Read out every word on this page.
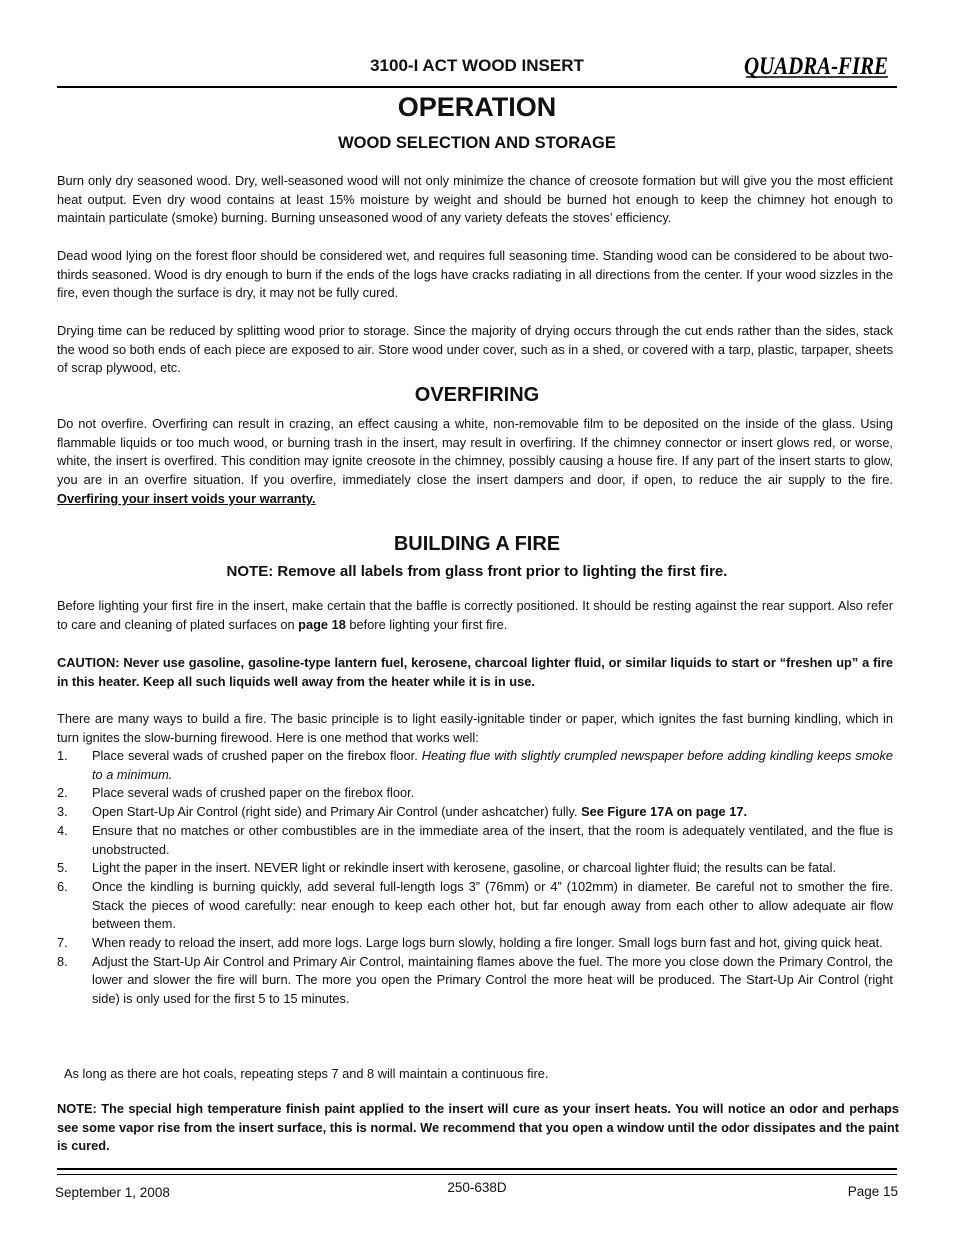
3100-I ACT WOOD INSERT	QUADRA-FIRE
OPERATION
WOOD SELECTION AND STORAGE
Burn only dry seasoned wood. Dry, well-seasoned wood will not only minimize the chance of creosote formation but will give you the most efficient heat output. Even dry wood contains at least 15% moisture by weight and should be burned hot enough to keep the chimney hot enough to maintain particulate (smoke) burning. Burning unseasoned wood of any variety defeats the stoves’ efficiency.
Dead wood lying on the forest floor should be considered wet, and requires full seasoning time. Standing wood can be considered to be about two-thirds seasoned. Wood is dry enough to burn if the ends of the logs have cracks radiating in all directions from the center. If your wood sizzles in the fire, even though the surface is dry, it may not be fully cured.
Drying time can be reduced by splitting wood prior to storage. Since the majority of drying occurs through the cut ends rather than the sides, stack the wood so both ends of each piece are exposed to air. Store wood under cover, such as in a shed, or covered with a tarp, plastic, tarpaper, sheets of scrap plywood, etc.
OVERFIRING
Do not overfire. Overfiring can result in crazing, an effect causing a white, non-removable film to be deposited on the inside of the glass. Using flammable liquids or too much wood, or burning trash in the insert, may result in overfiring. If the chimney connector or insert glows red, or worse, white, the insert is overfired. This condition may ignite creosote in the chimney, possibly causing a house fire. If any part of the insert starts to glow, you are in an overfire situation. If you overfire, immediately close the insert dampers and door, if open, to reduce the air supply to the fire. Overfiring your insert voids your warranty.
BUILDING A FIRE
NOTE: Remove all labels from glass front prior to lighting the first fire.
Before lighting your first fire in the insert, make certain that the baffle is correctly positioned. It should be resting against the rear support. Also refer to care and cleaning of plated surfaces on page 18 before lighting your first fire.
CAUTION: Never use gasoline, gasoline-type lantern fuel, kerosene, charcoal lighter fluid, or similar liquids to start or “freshen up” a fire in this heater. Keep all such liquids well away from the heater while it is in use.
There are many ways to build a fire. The basic principle is to light easily-ignitable tinder or paper, which ignites the fast burning kindling, which in turn ignites the slow-burning firewood. Here is one method that works well:
1. Place several wads of crushed paper on the firebox floor. Heating flue with slightly crumpled newspaper before adding kindling keeps smoke to a minimum.
2. Place several wads of crushed paper on the firebox floor.
3. Open Start-Up Air Control (right side) and Primary Air Control (under ashcatcher) fully. See Figure 17A on page 17.
4. Ensure that no matches or other combustibles are in the immediate area of the insert, that the room is adequately ventilated, and the flue is unobstructed.
5. Light the paper in the insert. NEVER light or rekindle insert with kerosene, gasoline, or charcoal lighter fluid; the results can be fatal.
6. Once the kindling is burning quickly, add several full-length logs 3” (76mm) or 4” (102mm) in diameter. Be careful not to smother the fire. Stack the pieces of wood carefully: near enough to keep each other hot, but far enough away from each other to allow adequate air flow between them.
7. When ready to reload the insert, add more logs. Large logs burn slowly, holding a fire longer. Small logs burn fast and hot, giving quick heat.
8. Adjust the Start-Up Air Control and Primary Air Control, maintaining flames above the fuel. The more you close down the Primary Control, the lower and slower the fire will burn. The more you open the Primary Control the more heat will be produced. The Start-Up Air Control (right side) is only used for the first 5 to 15 minutes.
As long as there are hot coals, repeating steps 7 and 8 will maintain a continuous fire.
NOTE: The special high temperature finish paint applied to the insert will cure as your insert heats. You will notice an odor and perhaps see some vapor rise from the insert surface, this is normal. We recommend that you open a window until the odor dissipates and the paint is cured.
September 1, 2008	250-638D	Page 15
